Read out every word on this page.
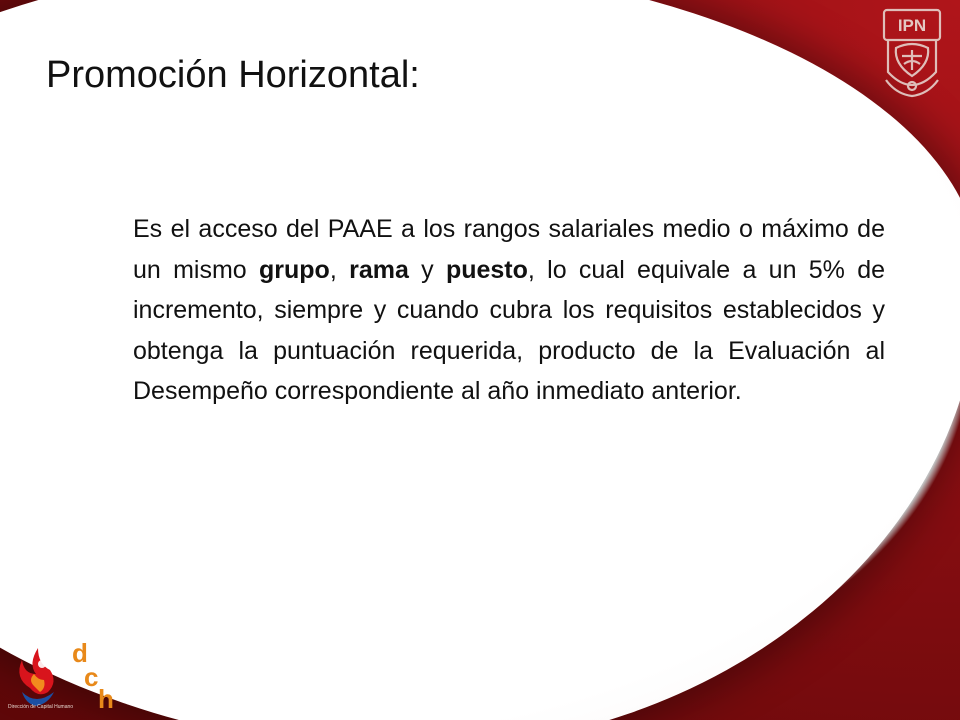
Promoción Horizontal:

Es el acceso del PAAE a los rangos salariales medio o máximo de un mismo grupo, rama y puesto, lo cual equivale a un 5% de incremento, siempre y cuando cubra los requisitos establecidos y obtenga la puntuación requerida, producto de la Evaluación al Desempeño correspondiente al año inmediato anterior.

IPN
d
c
h
Dirección de Capital Humano
